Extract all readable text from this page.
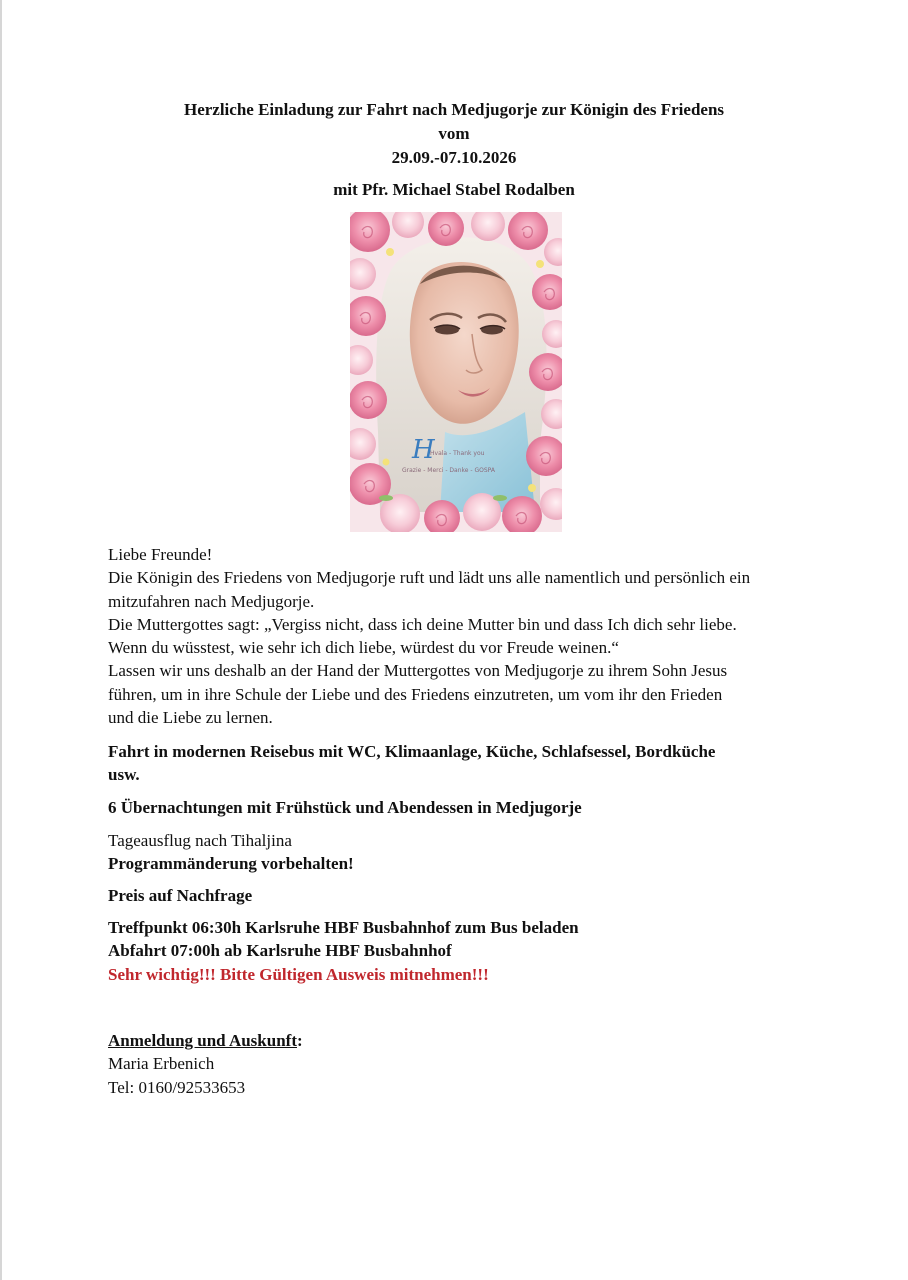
Herzliche Einladung zur Fahrt nach Medjugorje zur Königin des Friedens
vom
29.09.-07.10.2026
mit Pfr. Michael Stabel Rodalben
H
Hvala - Thank you
Grazie - Merci - Danke - GOSPA
Liebe Freunde!
Die Königin des Friedens von Medjugorje ruft und lädt uns alle namentlich und persönlich ein
mitzufahren nach Medjugorje.
Die Muttergottes sagt: „Vergiss nicht, dass ich deine Mutter bin und dass Ich dich sehr liebe.
Wenn du wüsstest, wie sehr ich dich liebe, würdest du vor Freude weinen.“
Lassen wir uns deshalb an der Hand der Muttergottes von Medjugorje zu ihrem Sohn Jesus
führen, um in ihre Schule der Liebe und des Friedens einzutreten, um vom ihr den Frieden
und die Liebe zu lernen.
Fahrt in modernen Reisebus mit WC, Klimaanlage, Küche, Schlafsessel, Bordküche
usw.
6 Übernachtungen mit Frühstück und Abendessen in Medjugorje
Tageausflug nach Tihaljina
Programmänderung vorbehalten!
Preis auf Nachfrage
Treffpunkt 06:30h Karlsruhe HBF Busbahnhof zum Bus beladen
Abfahrt 07:00h ab Karlsruhe HBF Busbahnhof
Sehr wichtig!!! Bitte Gültigen Ausweis mitnehmen!!!
Anmeldung und Auskunft:
Maria Erbenich
Tel: 0160/92533653
